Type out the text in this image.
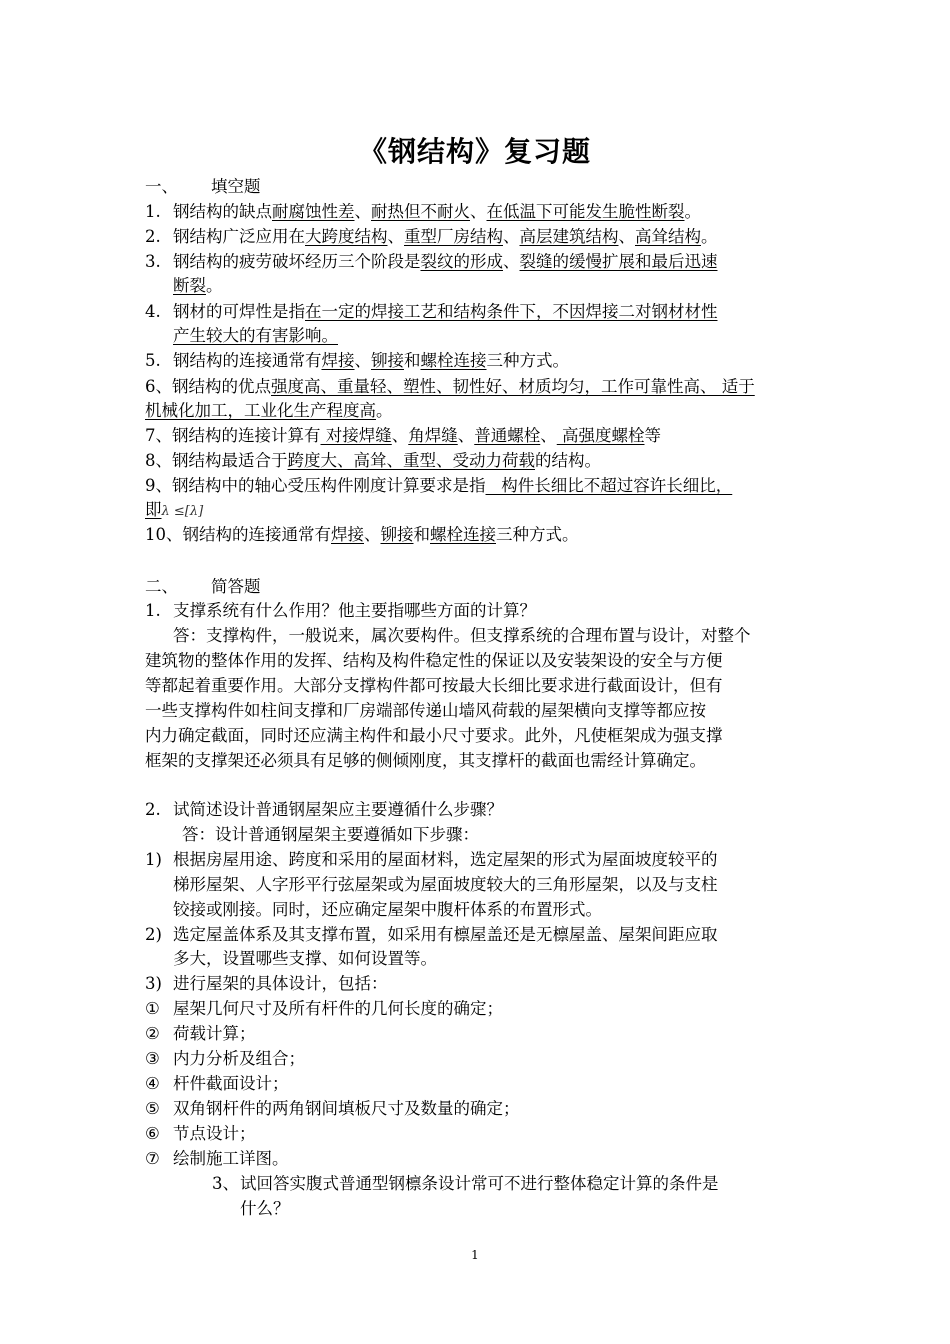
《钢结构》复习题
一、 填空题
1. 钢结构的缺点耐腐蚀性差、耐热但不耐火、在低温下可能发生脆性断裂。
2. 钢结构广泛应用在大跨度结构、重型厂房结构、高层建筑结构、高耸结构。
3. 钢结构的疲劳破坏经历三个阶段是裂纹的形成、裂缝的缓慢扩展和最后迅速
断裂。
4. 钢材的可焊性是指在一定的焊接工艺和结构条件下，不因焊接二对钢材材性
产生较大的有害影响。
5. 钢结构的连接通常有焊接、铆接和螺栓连接三种方式。
6、钢结构的优点强度高、重量轻、塑性、韧性好、材质均匀，工作可靠性高、 适于
机械化加工，工业化生产程度高。
7、钢结构的连接计算有 对接焊缝、角焊缝、普通螺栓、 高强度螺栓等
8、钢结构最适合于跨度大、高耸、重型、受动力荷载的结构。
9、钢结构中的轴心受压构件刚度计算要求是指   构件长细比不超过容许长细比，
即λ ≤[λ]
10、钢结构的连接通常有焊接、铆接和螺栓连接三种方式。
二、 简答题
1. 支撑系统有什么作用？他主要指哪些方面的计算？
答：支撑构件，一般说来，属次要构件。但支撑系统的合理布置与设计，对整个
建筑物的整体作用的发挥、结构及构件稳定性的保证以及安装架设的安全与方便
等都起着重要作用。大部分支撑构件都可按最大长细比要求进行截面设计，但有
一些支撑构件如柱间支撑和厂房端部传递山墙风荷载的屋架横向支撑等都应按
内力确定截面，同时还应满主构件和最小尺寸要求。此外，凡使框架成为强支撑
框架的支撑架还必须具有足够的侧倾刚度，其支撑杆的截面也需经计算确定。
2. 试简述设计普通钢屋架应主要遵循什么步骤？
答：设计普通钢屋架主要遵循如下步骤：
1) 根据房屋用途、跨度和采用的屋面材料，选定屋架的形式为屋面坡度较平的
梯形屋架、人字形平行弦屋架或为屋面坡度较大的三角形屋架，以及与支柱
铰接或刚接。同时，还应确定屋架中腹杆体系的布置形式。
2) 选定屋盖体系及其支撑布置，如采用有檩屋盖还是无檩屋盖、屋架间距应取
多大，设置哪些支撑、如何设置等。
3) 进行屋架的具体设计，包括：
① 屋架几何尺寸及所有杆件的几何长度的确定；
② 荷载计算；
③ 内力分析及组合；
④ 杆件截面设计；
⑤ 双角钢杆件的两角钢间填板尺寸及数量的确定；
⑥ 节点设计；
⑦ 绘制施工详图。
3、试回答实腹式普通型钢檩条设计常可不进行整体稳定计算的条件是
什么？
1
